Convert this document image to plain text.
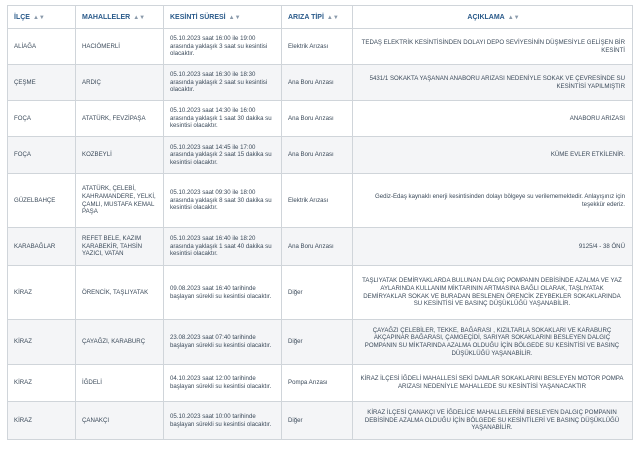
İLÇE ▲▼	MAHALLELER ▲▼	KESİNTİ SÜRESİ ▲▼	ARIZA TİPİ ▲▼	AÇIKLAMA ▲▼
ALİAĞA	HACIÖMERLİ	05.10.2023 saat 16:00 ile 19:00 arasında yaklaşık 3 saat su kesintisi olacaktır.	Elektrik Arızası	TEDAŞ ELEKTRİK KESİNTİSİNDEN DOLAYI DEPO SEVİYESİNİN DÜŞMESİYLE GELİŞEN BİR KESİNTİ
ÇEŞME	ARDIÇ	05.10.2023 saat 16:30 ile 18:30 arasında yaklaşık 2 saat su kesintisi olacaktır.	Ana Boru Arızası	5431/1 SOKAKTA YAŞANAN ANABORU ARIZASI NEDENİYLE SOKAK VE ÇEVRESİNDE SU KESİNTİSİ YAPILMIŞTIR
FOÇA	ATATÜRK, FEVZİPAŞA	05.10.2023 saat 14:30 ile 16:00 arasında yaklaşık 1 saat 30 dakika su kesintisi olacaktır.	Ana Boru Arızası	ANABORU ARIZASI
FOÇA	KOZBEYLİ	05.10.2023 saat 14:45 ile 17:00 arasında yaklaşık 2 saat 15 dakika su kesintisi olacaktır.	Ana Boru Arızası	KÜME EVLER ETKİLENİR.
GÜZELBAHÇE	ATATÜRK, ÇELEBİ, KAHRAMANDERE, YELKİ, ÇAMLI, MUSTAFA KEMAL PAŞA	05.10.2023 saat 09:30 ile 18:00 arasında yaklaşık 8 saat 30 dakika su kesintisi olacaktır.	Elektrik Arızası	Gediz-Edaş kaynaklı enerji kesintisinden dolayı bölgeye su verilememektedir. Anlayışınız için teşekkür ederiz.
KARABAĞLAR	REFET BELE, KAZIM KARABEKİR, TAHSİN YAZICI, VATAN	05.10.2023 saat 16:40 ile 18:20 arasında yaklaşık 1 saat 40 dakika su kesintisi olacaktır.	Ana Boru Arızası	9125/4 - 38 ÖNÜ
KİRAZ	ÖRENCİK, TAŞLIYATAK	09.08.2023 saat 16:40 tarihinde başlayan sürekli su kesintisi olacaktır.	Diğer	TAŞLIYATAK DEMİRYAKLARDA BULUNAN DALGIÇ POMPANIN DEBİSİNDE AZALMA VE YAZ AYLARINDA KULLANIM MİKTARININ ARTMASINA BAĞLI OLARAK, TAŞLIYATAK DEMİRYAKLAR SOKAK VE BURADAN BESLENEN ÖRENCİK ZEYBEKLER SOKAKLARINDA SU KESİNTİSİ VE BASINÇ DÜŞÜKLÜĞÜ YAŞANABİLİR.
KİRAZ	ÇAYAĞZI, KARABURÇ	23.08.2023 saat 07:40 tarihinde başlayan sürekli su kesintisi olacaktır.	Diğer	ÇAYAĞZI ÇELEBİLER, TEKKE, BAĞARASI , KIZILTARLA SOKAKLARI VE KARABURÇ AKÇAPINAR BAĞARASI, ÇAMGEÇİDİ, SARIYAR SOKAKLARINI BESLEYEN DALGIÇ POMPANIN SU MİKTARINDA AZALMA OLDUĞU İÇİN BÖLGEDE SU KESİNTİSİ VE BASINÇ DÜŞÜKLÜĞÜ YAŞANABİLİR.
KİRAZ	İĞDELİ	04.10.2023 saat 12:00 tarihinde başlayan sürekli su kesintisi olacaktır.	Pompa Arızası	KİRAZ İLÇESİ İĞDELİ MAHALLESİ SEKİ DAMLAR SOKAKLARINI BESLEYEN MOTOR POMPA ARIZASI NEDENİYLE MAHALLEDE SU KESİNTİSİ YAŞANACAKTIR
KİRAZ	ÇANAKÇI	05.10.2023 saat 10:00 tarihinde başlayan sürekli su kesintisi olacaktır.	Diğer	KİRAZ İLÇESİ ÇANAKÇI VE İĞDELİCE MAHALLELERİNİ BESLEYEN DALGIÇ POMPANIN DEBİSİNDE AZALMA OLDUĞU İÇİN BÖLGEDE SU KESİNTİLERİ VE BASINÇ DÜŞÜKLÜĞÜ YAŞANABİLİR.
